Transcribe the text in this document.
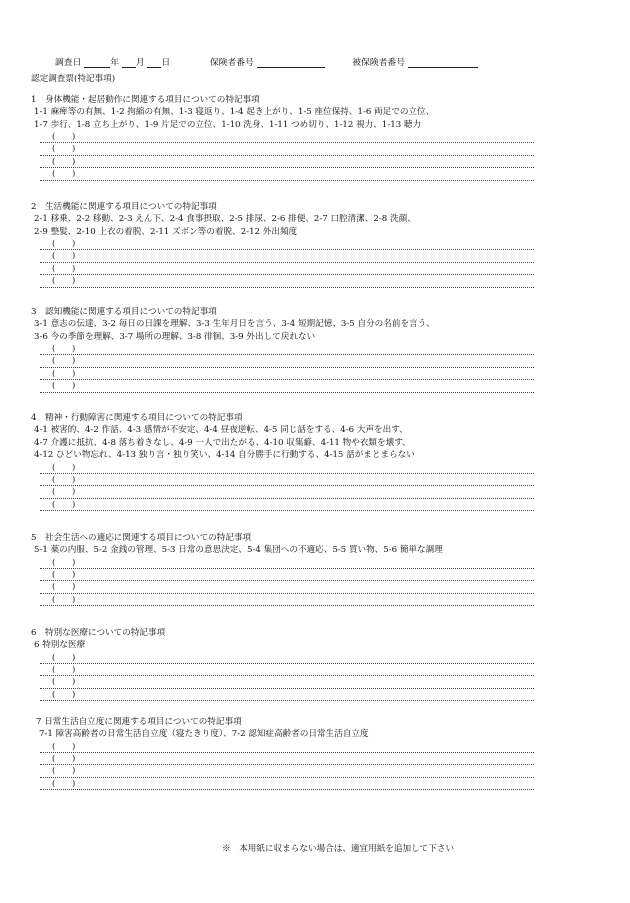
調査日	年 月 日	保険者番号	被保険者番号
認定調査票(特記事項)
1　身体機能・起居動作に関連する項目についての特記事項
1-1 麻痺等の有無、1-2 拘縮の有無、1-3 寝返り、1-4 起き上がり、1-5 座位保持、1-6 両足での立位、
1-7 歩行、1-8 立ち上がり、1-9 片足での立位、1-10 洗身、1-11 つめ切り、1-12 視力、1-13 聴力
(　　)
(　　)
(　　)
(　　)
2　生活機能に関連する項目についての特記事項
2-1 移乗、2-2 移動、2-3 えん下、2-4 食事摂取、2-5 排尿、2-6 排便、2-7 口腔清潔、2-8 洗顔、
2-9 整髪、2-10 上衣の着脱、2-11 ズボン等の着脱、2-12 外出頻度
(　　)
(　　)
(　　)
(　　)
3　認知機能に関連する項目についての特記事項
3-1 意志の伝達、3-2 毎日の日課を理解、3-3 生年月日を言う、3-4 短期記憶、3-5 自分の名前を言う、
3-6 今の季節を理解、3-7 場所の理解、3-8 徘徊、3-9 外出して戻れない
(　　)
(　　)
(　　)
(　　)
4　精神・行動障害に関連する項目についての特記事項
4-1 被害的、4-2 作話、4-3 感情が不安定、4-4 昼夜逆転、4-5 同じ話をする、4-6 大声を出す、
4-7 介護に抵抗、4-8 落ち着きなし、4-9 一人で出たがる、4-10 収集癖、4-11 物や衣類を壊す、
4-12 ひどい物忘れ、4-13 独り言・独り笑い、4-14 自分勝手に行動する、4-15 話がまとまらない
(　　)
(　　)
(　　)
(　　)
5　社会生活への適応に関連する項目についての特記事項
5-1 薬の内服、5-2 金銭の管理、5-3 日常の意思決定、5-4 集団への不適応、5-5 買い物、5-6 簡単な調理
(　　)
(　　)
(　　)
(　　)
6　特別な医療についての特記事項
6 特別な医療
(　　)
(　　)
(　　)
(　　)
7 日常生活自立度に関連する項目についての特記事項
7-1 障害高齢者の日常生活自立度（寝たきり度）、7-2 認知症高齢者の日常生活自立度
(　　)
(　　)
(　　)
(　　)
※　本用紙に収まらない場合は、適宜用紙を追加して下さい
